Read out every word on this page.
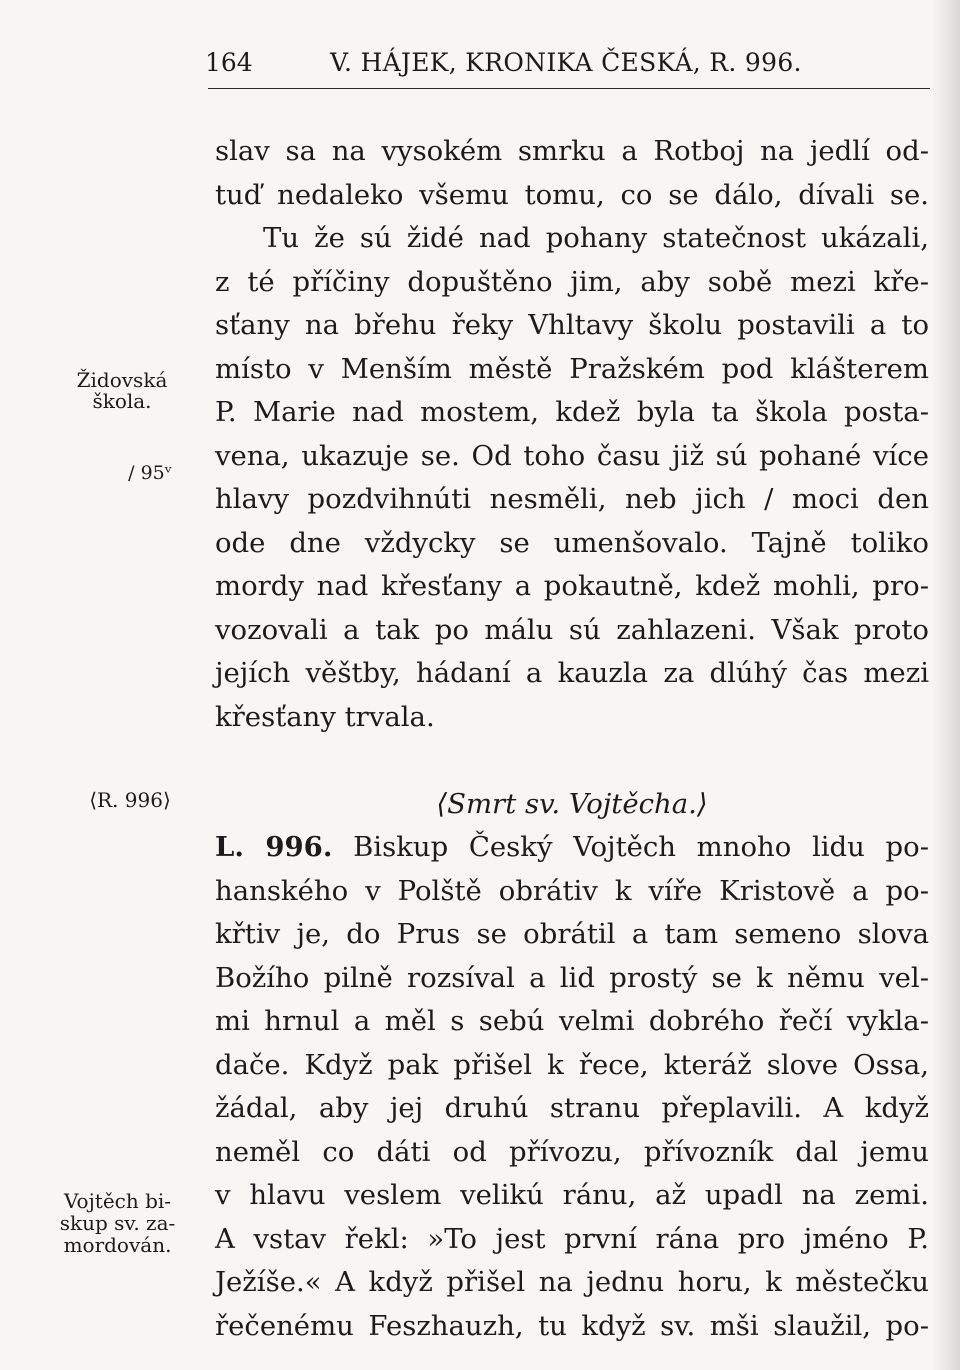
164	V. HÁJEK, KRONIKA ČESKÁ, R. 996.
slav sa na vysokém smrku a Rotboj na jedlí od-
tuď nedaleko všemu tomu, co se dálo, dívali se.
Tu že sú židé nad pohany statečnost ukázali,
z té příčiny dopuštěno jim, aby sobě mezi kře-
sťany na břehu řeky Vhltavy školu postavili a to
místo v Menším městě Pražském pod klášterem
P. Marie nad mostem, kdež byla ta škola posta-
vena, ukazuje se. Od toho času již sú pohané více
hlavy pozdvihnúti nesměli, neb jich / moci den
ode dne vždycky se umenšovalo. Tajně toliko
mordy nad křesťany a pokautně, kdež mohli, pro-
vozovali a tak po málu sú zahlazeni. Však proto
jejích věštby, hádaní a kauzla za dlúhý čas mezi
křesťany trvala.
⟨Smrt sv. Vojtěcha.⟩
L. 996. Biskup Český Vojtěch mnoho lidu po-
hanského v Polště obrátiv k víře Kristově a po-
křtiv je, do Prus se obrátil a tam semeno slova
Božího pilně rozsíval a lid prostý se k němu vel-
mi hrnul a měl s sebú velmi dobrého řečí vykla-
dače. Když pak přišel k řece, kteráž slove Ossa,
žádal, aby jej druhú stranu přeplavili. A když
neměl co dáti od přívozu, přívozník dal jemu
v hlavu veslem velikú ránu, až upadl na zemi.
A vstav řekl: »To jest první rána pro jméno P.
Ježíše.« A když přišel na jednu horu, k městečku
řečenému Feszhauzh, tu když sv. mši slaužil, po-
Židovská
škola.
/ 95ᵛ
⟨R. 996⟩
Vojtěch bi-
skup sv. za-
mordován.
